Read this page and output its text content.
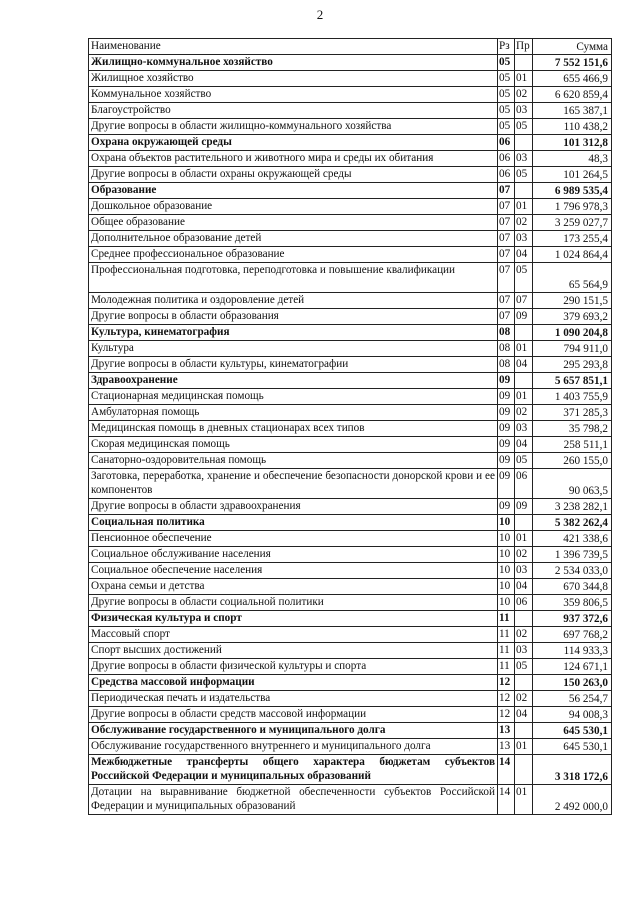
2
Наименование	Рз	Пр	Сумма
Жилищно-коммунальное хозяйство	05		7 552 151,6
Жилищное хозяйство	05	01	655 466,9
Коммунальное хозяйство	05	02	6 620 859,4
Благоустройство	05	03	165 387,1
Другие вопросы в области жилищно-коммунального хозяйства	05	05	110 438,2
Охрана окружающей среды	06		101 312,8
Охрана объектов растительного и животного мира и среды их обитания	06	03	48,3
Другие вопросы в области охраны окружающей среды	06	05	101 264,5
Образование	07		6 989 535,4
Дошкольное образование	07	01	1 796 978,3
Общее образование	07	02	3 259 027,7
Дополнительное образование детей	07	03	173 255,4
Среднее профессиональное образование	07	04	1 024 864,4
Профессиональная подготовка, переподготовка и повышение квалификации	07	05	65 564,9
Молодежная политика и оздоровление детей	07	07	290 151,5
Другие вопросы в области образования	07	09	379 693,2
Культура, кинематография	08		1 090 204,8
Культура	08	01	794 911,0
Другие вопросы в области культуры, кинематографии	08	04	295 293,8
Здравоохранение	09		5 657 851,1
Стационарная медицинская помощь	09	01	1 403 755,9
Амбулаторная помощь	09	02	371 285,3
Медицинская помощь в дневных стационарах всех типов	09	03	35 798,2
Скорая медицинская помощь	09	04	258 511,1
Санаторно-оздоровительная помощь	09	05	260 155,0
Заготовка, переработка, хранение и обеспечение безопасности донорской крови и ее компонентов	09	06	90 063,5
Другие вопросы в области здравоохранения	09	09	3 238 282,1
Социальная политика	10		5 382 262,4
Пенсионное обеспечение	10	01	421 338,6
Социальное обслуживание населения	10	02	1 396 739,5
Социальное обеспечение населения	10	03	2 534 033,0
Охрана семьи и детства	10	04	670 344,8
Другие вопросы в области социальной политики	10	06	359 806,5
Физическая культура и спорт	11		937 372,6
Массовый спорт	11	02	697 768,2
Спорт высших достижений	11	03	114 933,3
Другие вопросы в области физической культуры и спорта	11	05	124 671,1
Средства массовой информации	12		150 263,0
Периодическая печать и издательства	12	02	56 254,7
Другие вопросы в области средств массовой информации	12	04	94 008,3
Обслуживание государственного и муниципального долга	13		645 530,1
Обслуживание государственного внутреннего и муниципального долга	13	01	645 530,1
Межбюджетные трансферты общего характера бюджетам субъектов Российской Федерации и муниципальных образований	14		3 318 172,6
Дотации на выравнивание бюджетной обеспеченности субъектов Российской Федерации и муниципальных образований	14	01	2 492 000,0
